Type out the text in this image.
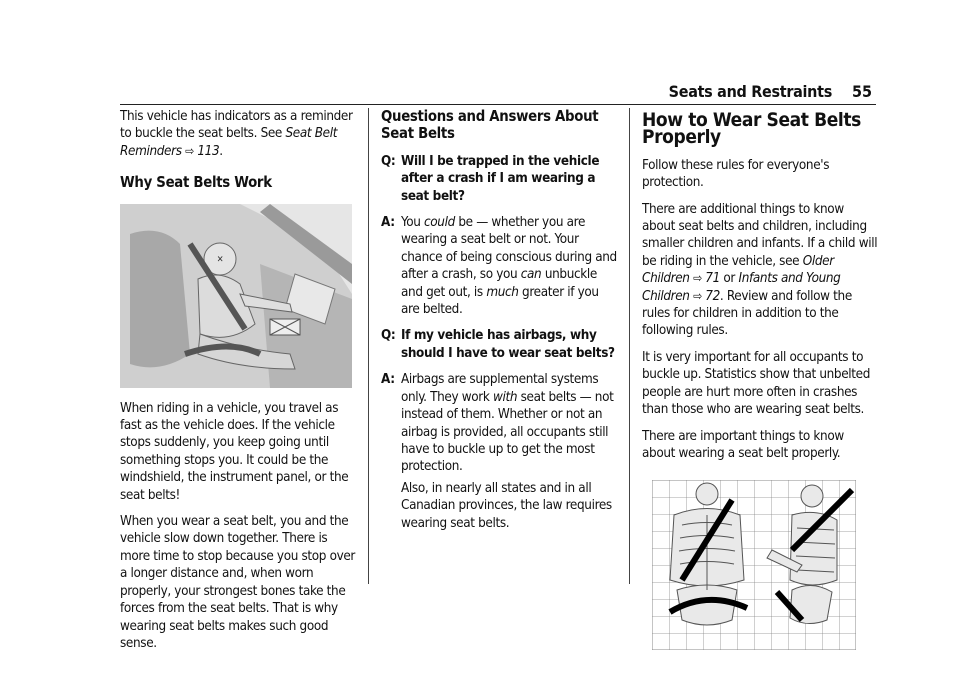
Seats and Restraints 55

This vehicle has indicators as a reminder to buckle the seat belts. See Seat Belt Reminders ⇨ 113.

Why Seat Belts Work
✕

When riding in a vehicle, you travel as fast as the vehicle does. If the vehicle stops suddenly, you keep going until something stops you. It could be the windshield, the instrument panel, or the seat belts!

When you wear a seat belt, you and the vehicle slow down together. There is more time to stop because you stop over a longer distance and, when worn properly, your strongest bones take the forces from the seat belts. That is why wearing seat belts makes such good sense.

Questions and Answers About Seat Belts
Q: Will I be trapped in the vehicle after a crash if I am wearing a seat belt?
A: You could be — whether you are wearing a seat belt or not. Your chance of being conscious during and after a crash, so you can unbuckle and get out, is much greater if you are belted.
Q: If my vehicle has airbags, why should I have to wear seat belts?
A: Airbags are supplemental systems only. They work with seat belts — not instead of them. Whether or not an airbag is provided, all occupants still have to buckle up to get the most protection.

Also, in nearly all states and in all Canadian provinces, the law requires wearing seat belts.

How to Wear Seat Belts Properly

Follow these rules for everyone's protection.

There are additional things to know about seat belts and children, including smaller children and infants. If a child will be riding in the vehicle, see Older Children ⇨ 71 or Infants and Young Children ⇨ 72. Review and follow the rules for children in addition to the following rules.

It is very important for all occupants to buckle up. Statistics show that unbelted people are hurt more often in crashes than those who are wearing seat belts.

There are important things to know about wearing a seat belt properly.
